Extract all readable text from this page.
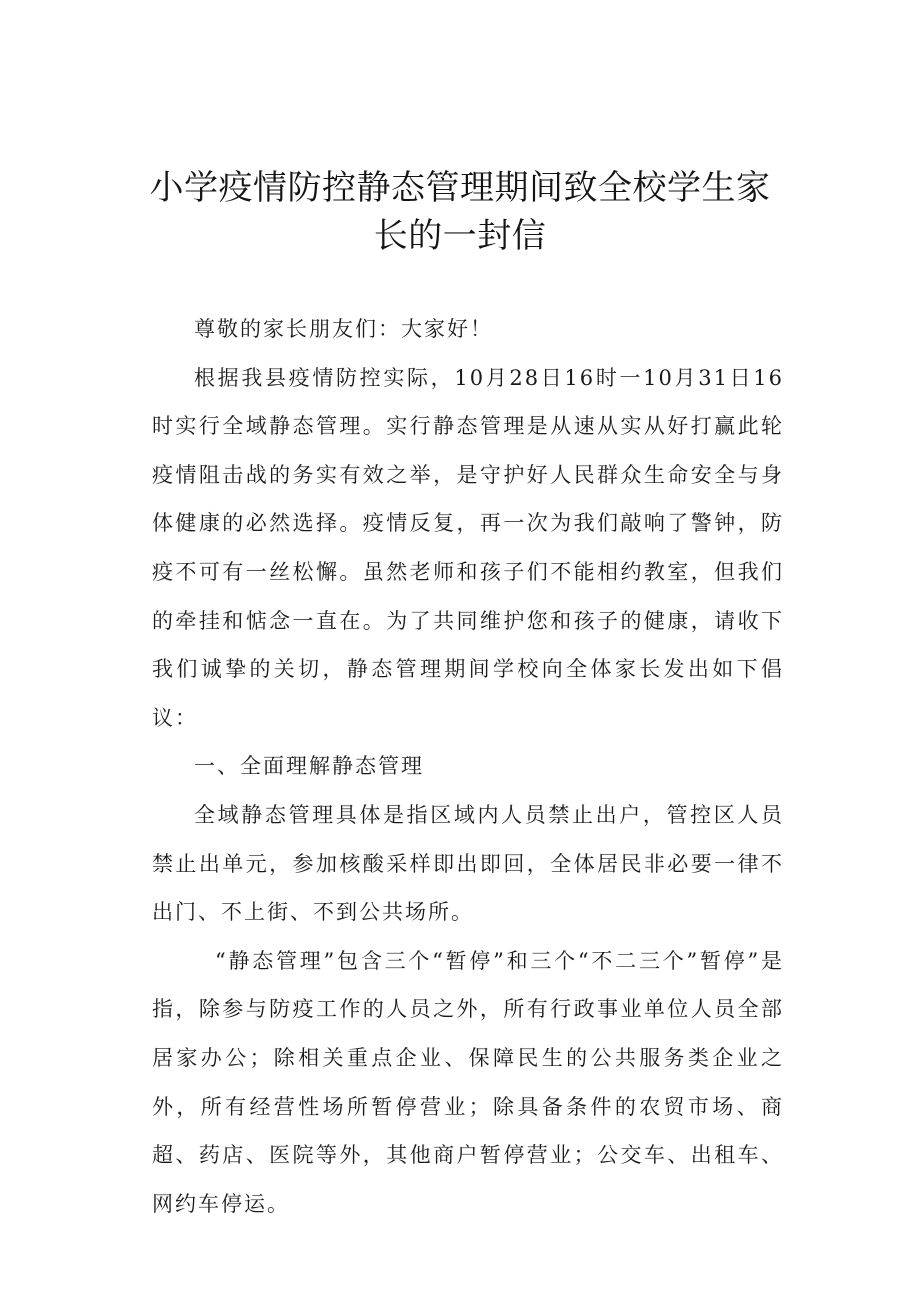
小学疫情防控静态管理期间致全校学生家长的一封信

尊敬的家长朋友们：大家好！

根据我县疫情防控实际，10月28日16时一10月31日16时实行全域静态管理。实行静态管理是从速从实从好打赢此轮疫情阻击战的务实有效之举，是守护好人民群众生命安全与身体健康的必然选择。疫情反复，再一次为我们敲响了警钟，防疫不可有一丝松懈。虽然老师和孩子们不能相约教室，但我们的牵挂和惦念一直在。为了共同维护您和孩子的健康，请收下我们诚挚的关切，静态管理期间学校向全体家长发出如下倡议：

一、全面理解静态管理

全域静态管理具体是指区域内人员禁止出户，管控区人员禁止出单元，参加核酸采样即出即回，全体居民非必要一律不出门、不上街、不到公共场所。

“静态管理”包含三个“暂停”和三个“不二三个”暂停”是指，除参与防疫工作的人员之外，所有行政事业单位人员全部居家办公；除相关重点企业、保障民生的公共服务类企业之外，所有经营性场所暂停营业；除具备条件的农贸市场、商超、药店、医院等外，其他商户暂停营业；公交车、出租车、网约车停运。
